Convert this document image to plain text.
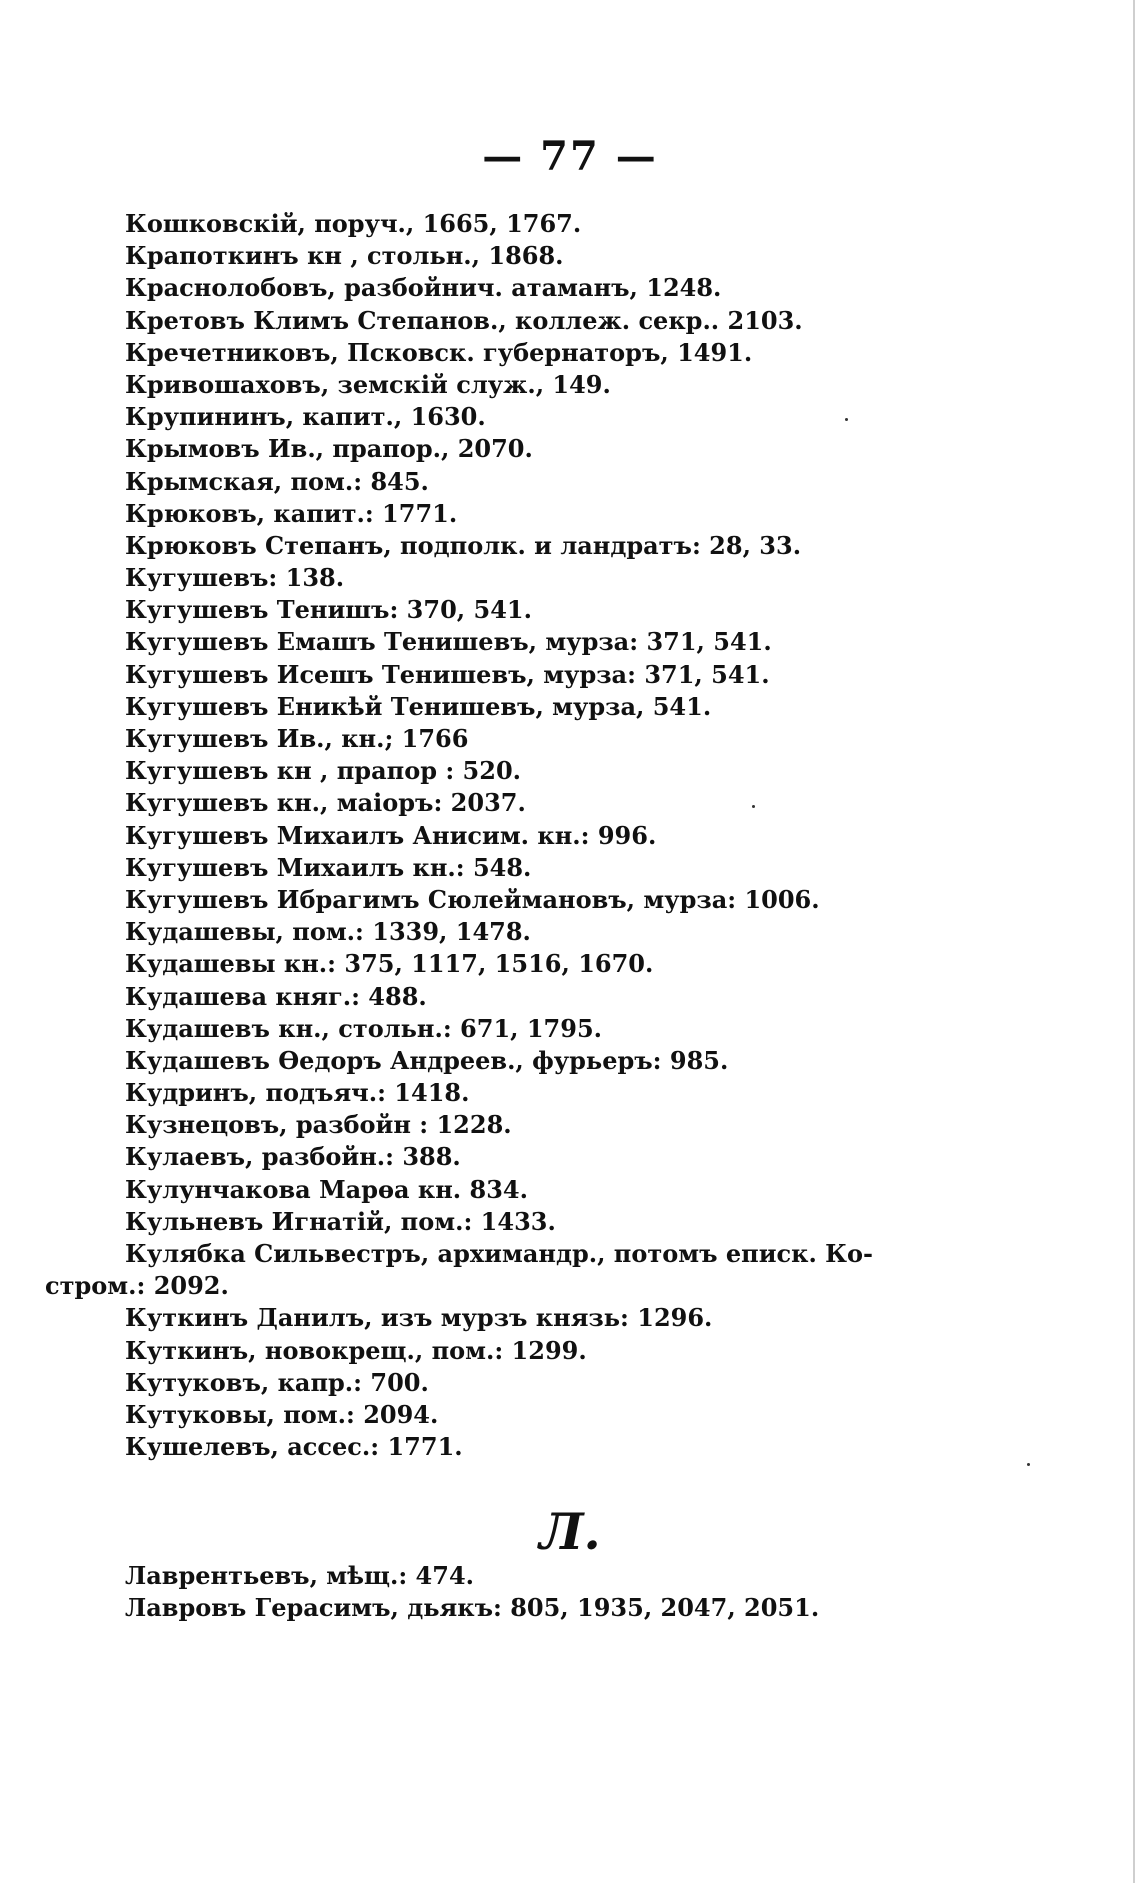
— 77 —
Кошковскій, поруч., 1665, 1767.
Крапоткинъ кн , стольн., 1868.
Краснолобовъ, разбойнич. атаманъ, 1248.
Кретовъ Климъ Степанов., коллеж. секр.. 2103.
Кречетниковъ, Псковск. губернаторъ, 1491.
Кривошаховъ, земскій служ., 149.
Крупининъ, капит., 1630.
Крымовъ Ив., прапор., 2070.
Крымская, пом.: 845.
Крюковъ, капит.: 1771.
Крюковъ Степанъ, подполк. и ландратъ: 28, 33.
Кугушевъ: 138.
Кугушевъ Тенишъ: 370, 541.
Кугушевъ Емашъ Тенишевъ, мурза: 371, 541.
Кугушевъ Исешъ Тенишевъ, мурза: 371, 541.
Кугушевъ Еникѣй Тенишевъ, мурза, 541.
Кугушевъ Ив., кн.; 1766
Кугушевъ кн , прапор : 520.
Кугушевъ кн., маіоръ: 2037.
Кугушевъ Михаилъ Анисим. кн.: 996.
Кугушевъ Михаилъ кн.: 548.
Кугушевъ Ибрагимъ Сюлеймановъ, мурза: 1006.
Кудашевы, пом.: 1339, 1478.
Кудашевы кн.: 375, 1117, 1516, 1670.
Кудашева княг.: 488.
Кудашевъ кн., стольн.: 671, 1795.
Кудашевъ Өедоръ Андреев., фурьеръ: 985.
Кудринъ, подъяч.: 1418.
Кузнецовъ, разбойн : 1228.
Кулаевъ, разбойн.: 388.
Кулунчакова Марөа кн. 834.
Кульневъ Игнатій, пом.: 1433.
Кулябка Сильвестръ, архимандр., потомъ еписк. Ко-
стром.: 2092.
Куткинъ Данилъ, изъ мурзъ князь: 1296.
Куткинъ, новокрещ., пом.: 1299.
Кутуковъ, капр.: 700.
Кутуковы, пом.: 2094.
Кушелевъ, ассес.: 1771.
Л.
Лаврентьевъ, мѣщ.: 474.
Лавровъ Герасимъ, дьякъ: 805, 1935, 2047, 2051.
